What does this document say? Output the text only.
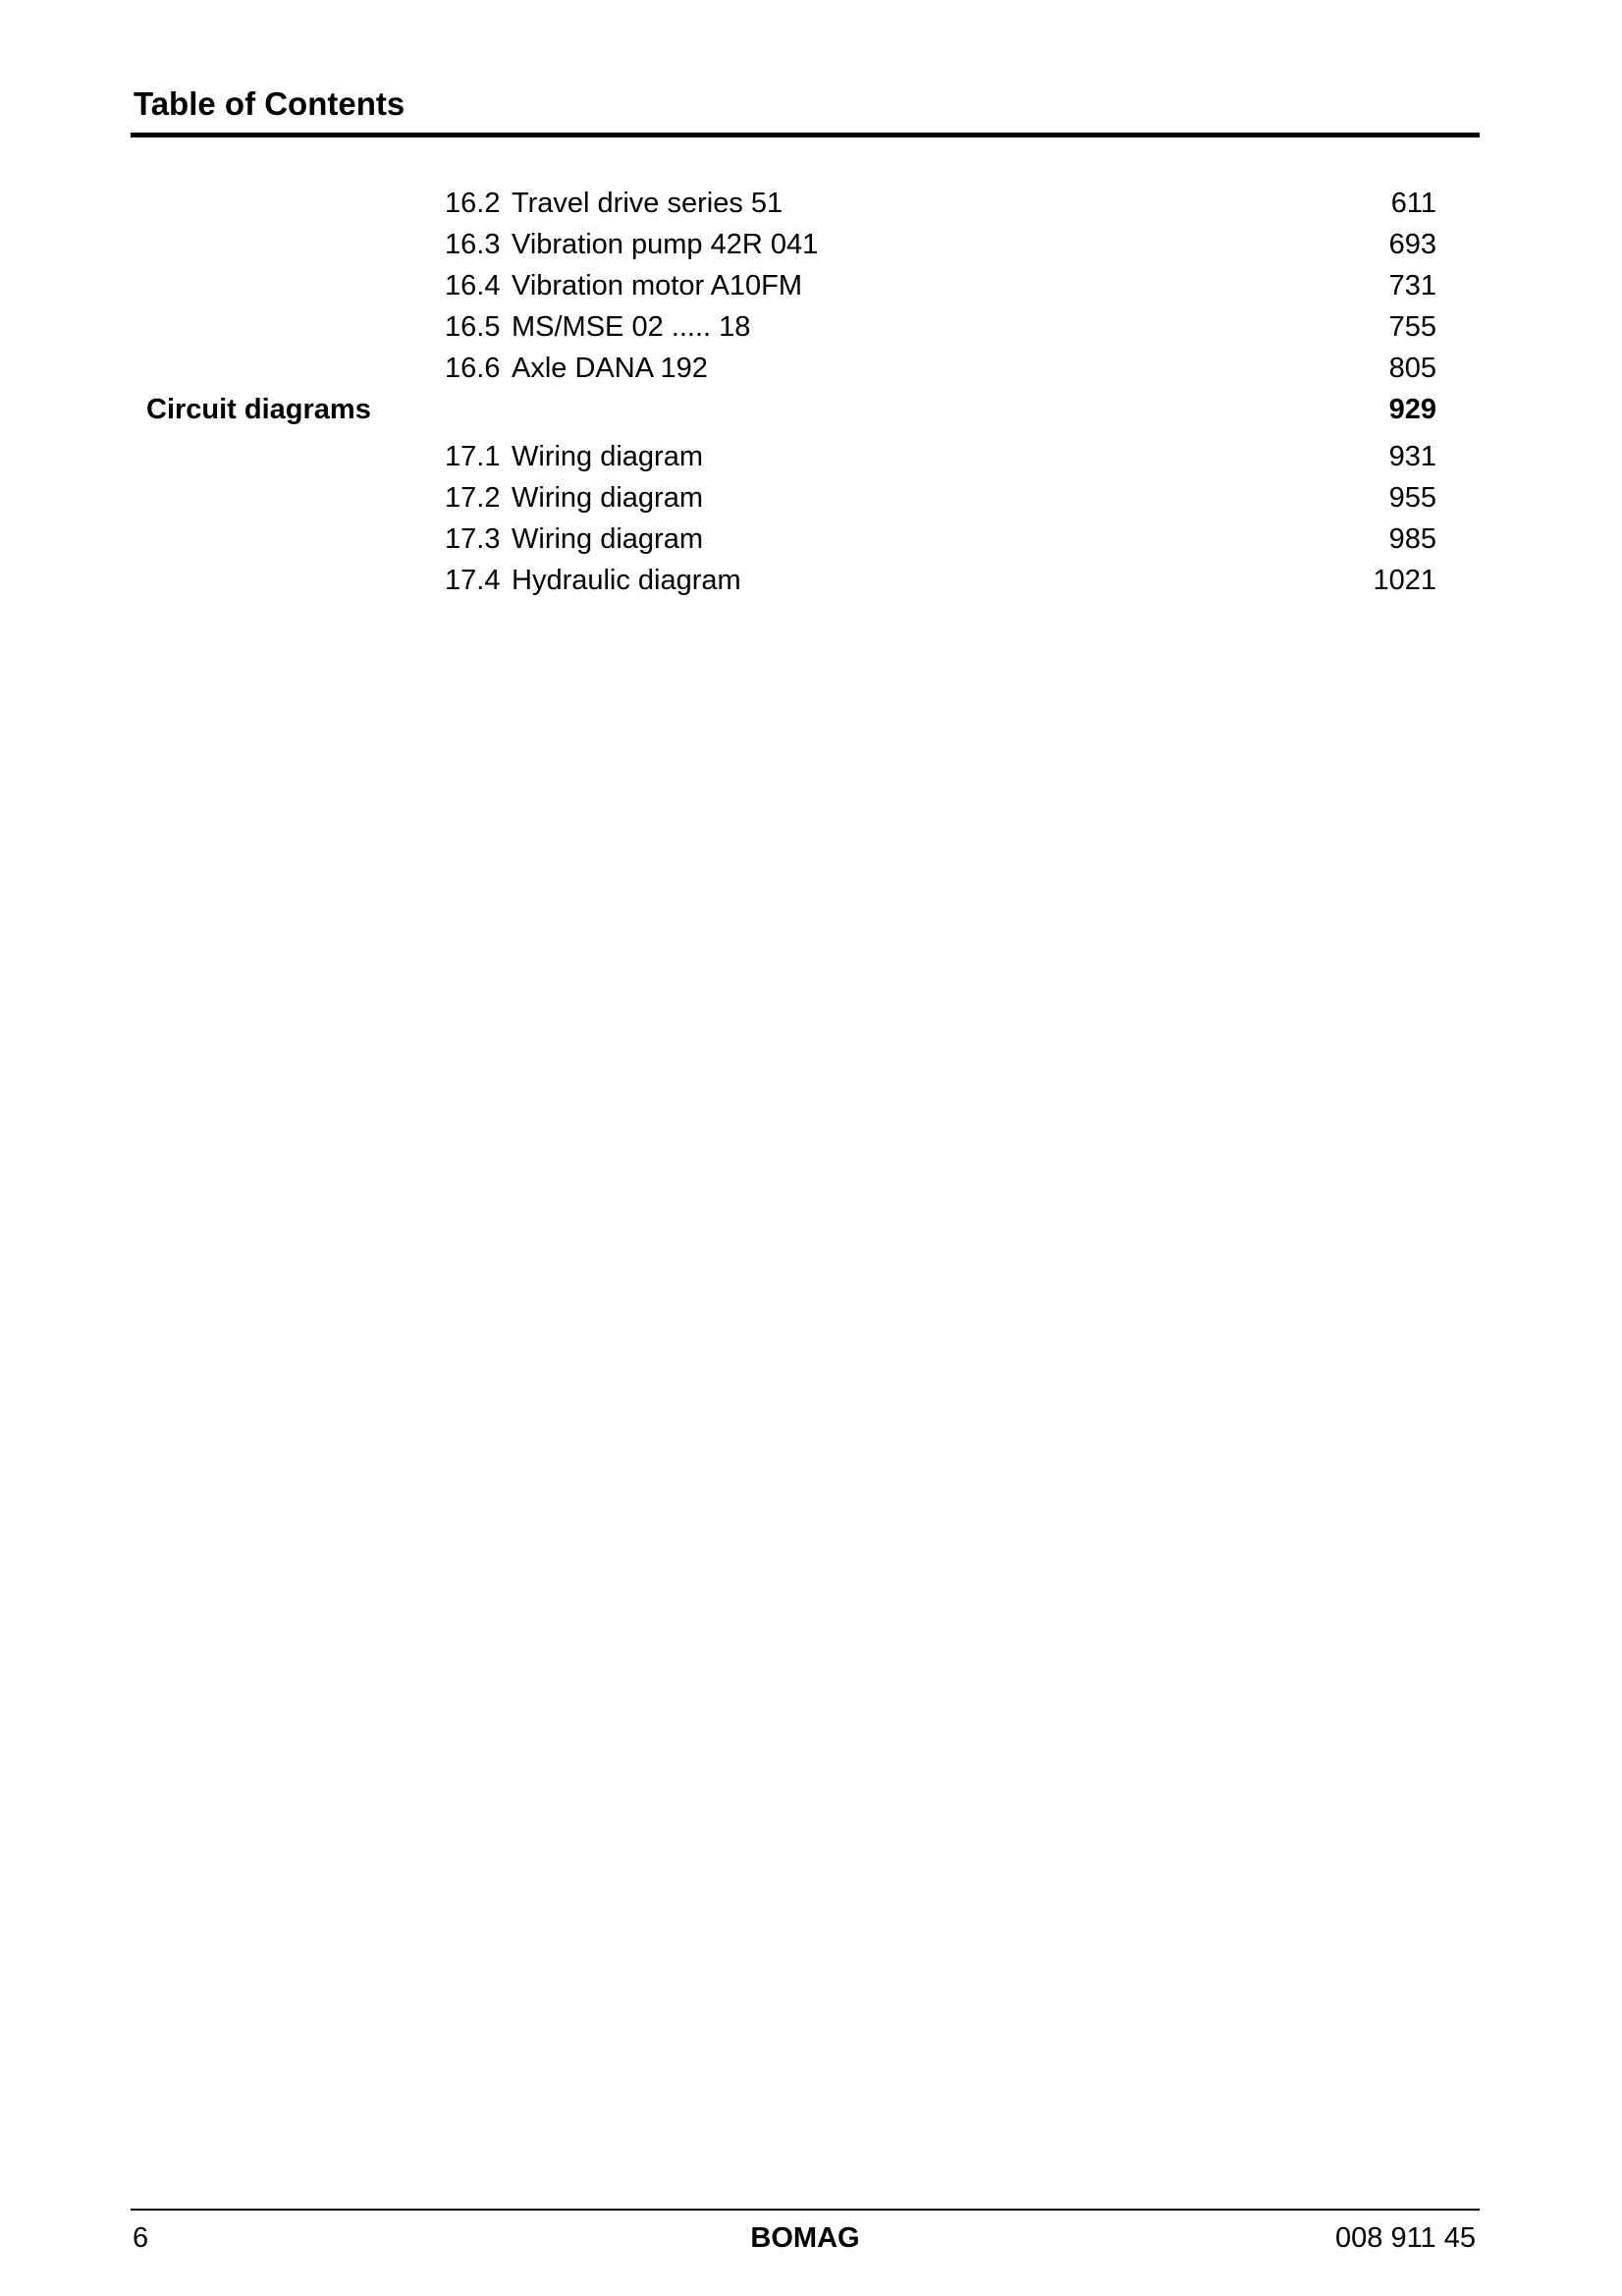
Table of Contents
16.2 Travel drive series 51	611
16.3 Vibration pump 42R 041	693
16.4 Vibration motor A10FM	731
16.5 MS/MSE 02 ..... 18	755
16.6 Axle DANA 192	805
Circuit diagrams	929
17.1 Wiring diagram	931
17.2 Wiring diagram	955
17.3 Wiring diagram	985
17.4 Hydraulic diagram	1021
6	BOMAG	008 911 45
